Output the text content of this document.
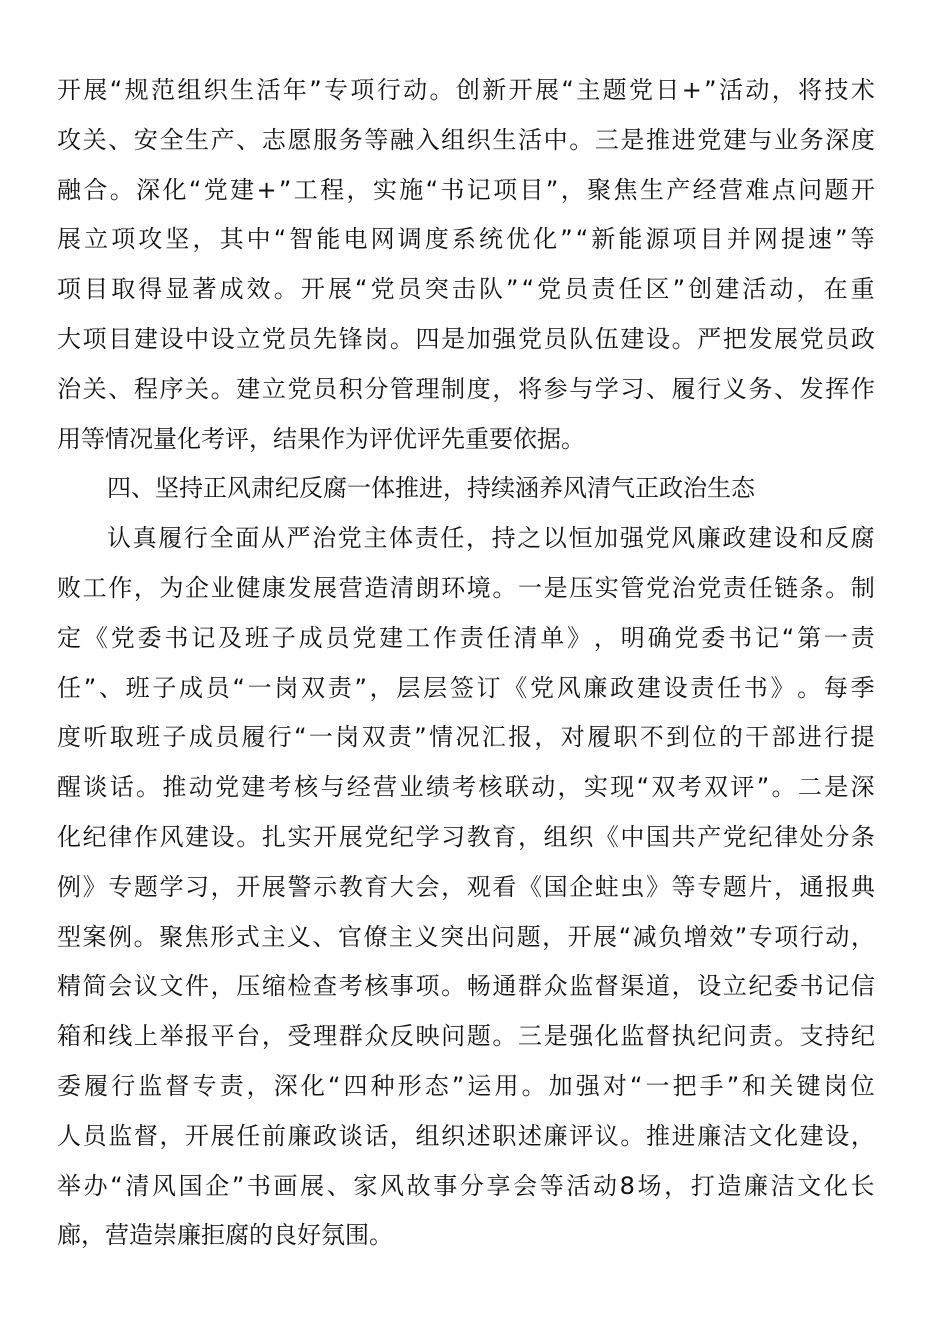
开 展 “ 规 范 组 织 生 活 年 ” 专 项 行 动 。 创 新 开 展 “ 主 题 党 日 + ” 活 动 ， 将 技 术
攻 关 、 安 全 生 产 、 志 愿 服 务 等 融 入 组 织 生 活 中 。 三 是 推 进 党 建 与 业 务 深 度
融 合 。 深 化 “ 党 建 + ” 工 程 ， 实 施 “ 书 记 项 目 ” ， 聚 焦 生 产 经 营 难 点 问 题 开
展 立 项 攻 坚 ， 其 中 “ 智 能 电 网 调 度 系 统 优 化 ” “ 新 能 源 项 目 并 网 提 速 ” 等
项 目 取 得 显 著 成 效 。 开 展 “ 党 员 突 击 队 ” “ 党 员 责 任 区 ” 创 建 活 动 ， 在 重
大 项 目 建 设 中 设 立 党 员 先 锋 岗 。 四 是 加 强 党 员 队 伍 建 设 。 严 把 发 展 党 员 政
治 关 、 程 序 关 。 建 立 党 员 积 分 管 理 制 度 ， 将 参 与 学 习 、 履 行 义 务 、 发 挥 作
用等情况量化考评，结果作为评优评先重要依据。
四、坚持正风肃纪反腐一体推进，持续涵养风清气正政治生态
认 真 履 行 全 面 从 严 治 党 主 体 责 任 ， 持 之 以 恒 加 强 党 风 廉 政 建 设 和 反 腐
败 工 作 ， 为 企 业 健 康 发 展 营 造 清 朗 环 境 。 一 是 压 实 管 党 治 党 责 任 链 条 。 制
定 《 党 委 书 记 及 班 子 成 员 党 建 工 作 责 任 清 单 》 ， 明 确 党 委 书 记 “ 第 一 责
任 ” 、 班 子 成 员 “ 一 岗 双 责 ” ， 层 层 签 订 《 党 风 廉 政 建 设 责 任 书 》 。 每 季
度 听 取 班 子 成 员 履 行 “ 一 岗 双 责 ” 情 况 汇 报 ， 对 履 职 不 到 位 的 干 部 进 行 提
醒 谈 话 。 推 动 党 建 考 核 与 经 营 业 绩 考 核 联 动 ， 实 现 “ 双 考 双 评 ” 。 二 是 深
化 纪 律 作 风 建 设 。 扎 实 开 展 党 纪 学 习 教 育 ， 组 织 《 中 国 共 产 党 纪 律 处 分 条
例 》 专 题 学 习 ， 开 展 警 示 教 育 大 会 ， 观 看 《 国 企 蛀 虫 》 等 专 题 片 ， 通 报 典
型 案 例 。 聚 焦 形 式 主 义 、 官 僚 主 义 突 出 问 题 ， 开 展 “ 减 负 增 效 ” 专 项 行 动 ，
精 简 会 议 文 件 ， 压 缩 检 查 考 核 事 项 。 畅 通 群 众 监 督 渠 道 ， 设 立 纪 委 书 记 信
箱 和 线 上 举 报 平 台 ， 受 理 群 众 反 映 问 题 。 三 是 强 化 监 督 执 纪 问 责 。 支 持 纪
委 履 行 监 督 专 责 ， 深 化 “ 四 种 形 态 ” 运 用 。 加 强 对 “ 一 把 手 ” 和 关 键 岗 位
人 员 监 督 ， 开 展 任 前 廉 政 谈 话 ， 组 织 述 职 述 廉 评 议 。 推 进 廉 洁 文 化 建 设 ，
举 办 “ 清 风 国 企 ” 书 画 展 、 家 风 故 事 分 享 会 等 活 动 8 场 ， 打 造 廉 洁 文 化 长
廊，营造崇廉拒腐的良好氛围。
